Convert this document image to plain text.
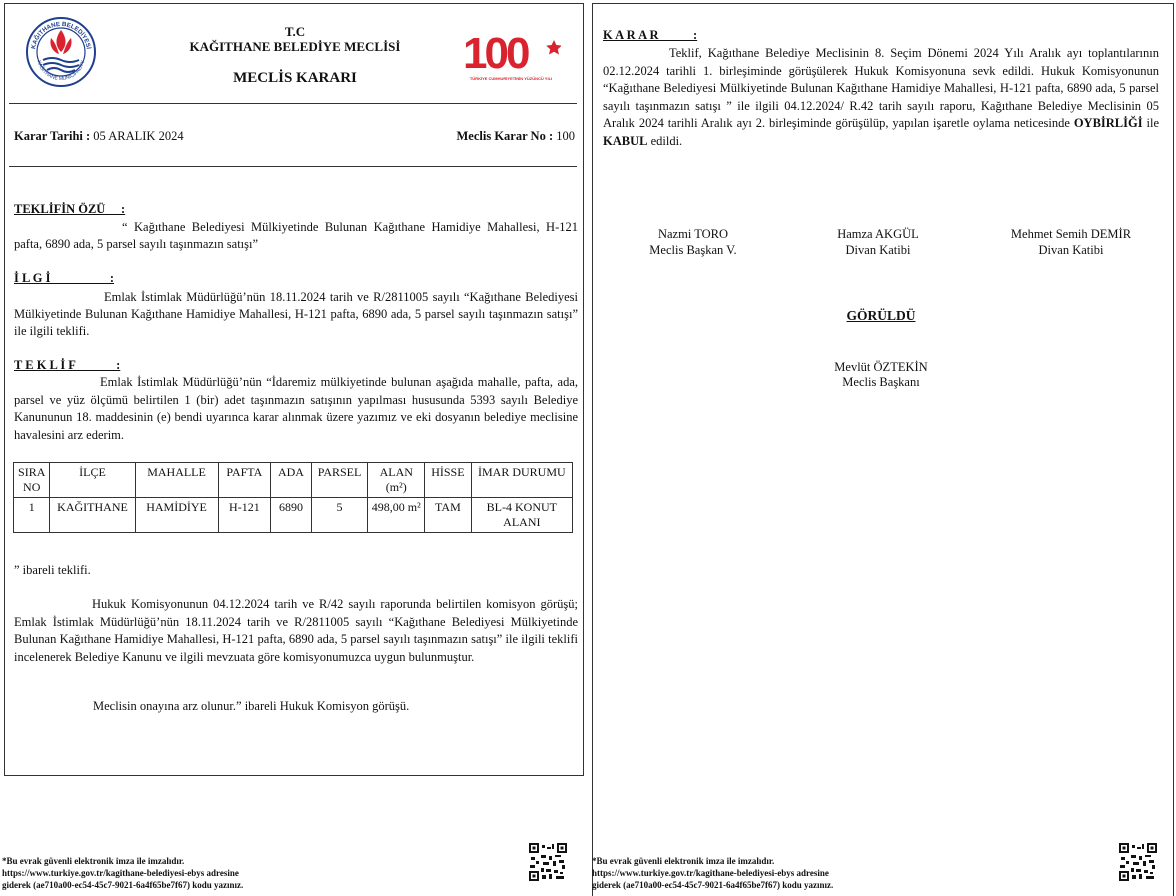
KAĞITHANE BELEDİYESİ
KAĞITHANE MUNICIPALITY
T.C
KAĞITHANE BELEDİYE MECLİSİ
MECLİS KARARI	100
TÜRKİYE CUMHURİYETİNİN YÜZÜNCÜ YILI
Karar Tarihi : 05 ARALIK 2024	Meclis Karar No : 100
TEKLİFİN ÖZÜ     :
“ Kağıthane Belediyesi Mülkiyetinde Bulunan Kağıthane Hamidiye Mahallesi, H-121 pafta, 6890 ada, 5 parsel sayılı taşınmazın satışı”
İ L G İ                   :
Emlak İstimlak Müdürlüğü’nün 18.11.2024 tarih ve R/2811005 sayılı “Kağıthane Belediyesi Mülkiyetinde Bulunan Kağıthane Hamidiye Mahallesi, H-121 pafta, 6890 ada, 5 parsel sayılı taşınmazın satışı” ile ilgili teklifi.
T E K L İ F             :
Emlak İstimlak Müdürlüğü’nün “İdaremiz mülkiyetinde bulunan aşağıda mahalle, pafta, ada, parsel ve yüz ölçümü belirtilen 1 (bir) adet taşınmazın satışının yapılması hususunda 5393 sayılı Belediye Kanununun 18. maddesinin (e) bendi uyarınca karar alınmak üzere yazımız ve eki dosyanın belediye meclisine havalesini arz ederim.
SIRA NO	İLÇE	MAHALLE	PAFTA	ADA	PARSEL	ALAN (m²)	HİSSE	İMAR DURUMU
1	KAĞITHANE	HAMİDİYE	H-121	6890	5	498,00 m²	TAM	BL-4 KONUT ALANI
” ibareli teklifi.
Hukuk Komisyonunun 04.12.2024 tarih ve R/42 sayılı raporunda belirtilen komisyon görüşü; Emlak İstimlak Müdürlüğü’nün 18.11.2024 tarih ve R/2811005 sayılı “Kağıthane Belediyesi Mülkiyetinde Bulunan Kağıthane Hamidiye Mahallesi, H-121 pafta, 6890 ada, 5 parsel sayılı taşınmazın satışı” ile ilgili teklifi incelenerek Belediye Kanunu ve ilgili mevzuata göre komisyonumuzca uygun bulunmuştur.
Meclisin onayına arz olunur.” ibareli Hukuk Komisyon görüşü.
*Bu evrak güvenli elektronik imza ile imzalıdır.
https://www.turkiye.gov.tr/kagithane-belediyesi-ebys adresine
giderek (ae710a00-ec54-45c7-9021-6a4f65be7f67) kodu yazınız.
K A R A R           :
Teklif, Kağıthane Belediye Meclisinin 8. Seçim Dönemi 2024 Yılı Aralık ayı toplantılarının 02.12.2024 tarihli 1. birleşiminde görüşülerek Hukuk Komisyonuna sevk edildi. Hukuk Komisyonunun “Kağıthane Belediyesi Mülkiyetinde Bulunan Kağıthane Hamidiye Mahallesi, H-121 pafta, 6890 ada, 5 parsel sayılı taşınmazın satışı ” ile ilgili 04.12.2024/ R.42 tarih sayılı raporu, Kağıthane Belediye Meclisinin 05 Aralık 2024 tarihli Aralık ayı 2. birleşiminde görüşülüp, yapılan işaretle oylama neticesinde OYBİRLİĞİ ile KABUL edildi.
Nazmi TORO
Meclis Başkan V.
Hamza AKGÜL
Divan Katibi
Mehmet Semih DEMİR
Divan Katibi
GÖRÜLDÜ
Mevlüt ÖZTEKİN
Meclis Başkanı
*Bu evrak güvenli elektronik imza ile imzalıdır.
https://www.turkiye.gov.tr/kagithane-belediyesi-ebys adresine
giderek (ae710a00-ec54-45c7-9021-6a4f65be7f67) kodu yazınız.
